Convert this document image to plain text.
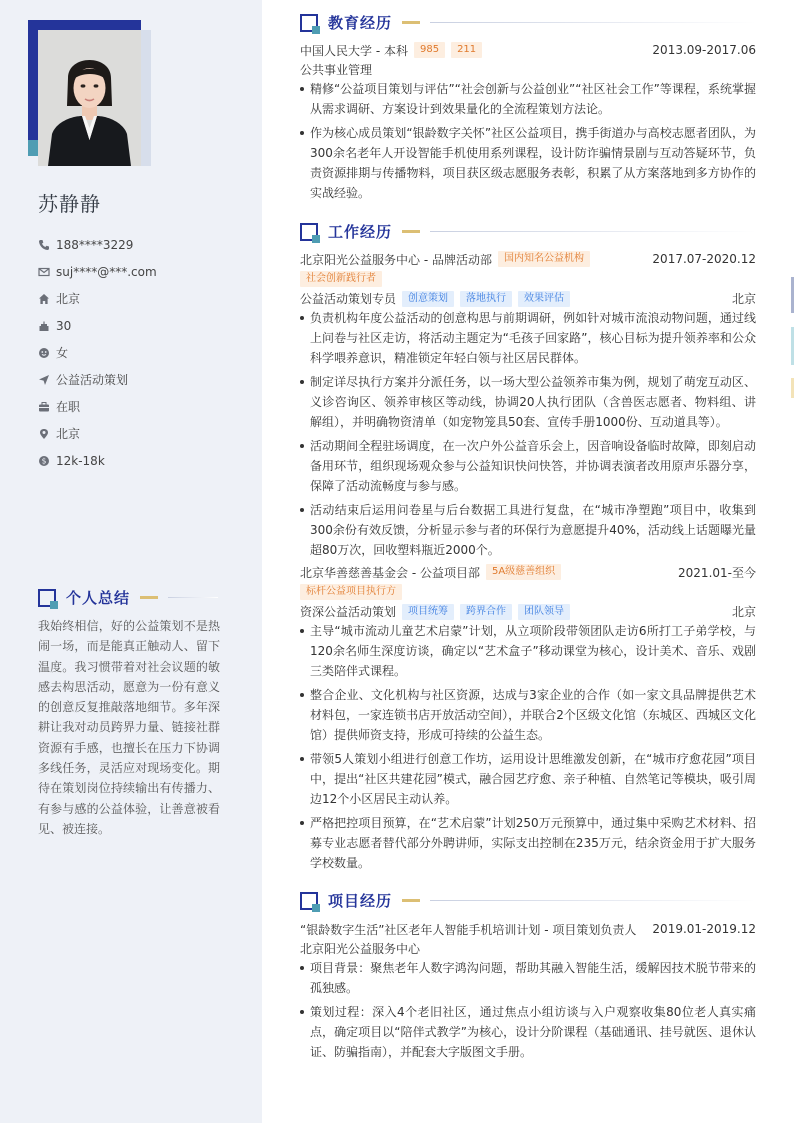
苏静静
188****3229
suj****@***.com
北京
30
女
公益活动策划
在职
北京
$ 12k-18k
个人总结
我始终相信，好的公益策划不是热闹一场，而是能真正触动人、留下温度。我习惯带着对社会议题的敏感去构思活动，愿意为一份有意义的创意反复推敲落地细节。多年深耕让我对动员跨界力量、链接社群资源有手感，也擅长在压力下协调多线任务，灵活应对现场变化。期待在策划岗位持续输出有传播力、有参与感的公益体验，让善意被看见、被连接。
教育经历
中国人民大学 - 本科	985	211	2013.09-2017.06
公共事业管理
精修“公益项目策划与评估”“社会创新与公益创业”“社区社会工作”等课程，系统掌握从需求调研、方案设计到效果量化的全流程策划方法论。
作为核心成员策划“银龄数字关怀”社区公益项目，携手街道办与高校志愿者团队，为300余名老年人开设智能手机使用系列课程，设计防诈骗情景剧与互动答疑环节，负责资源排期与传播物料，项目获区级志愿服务表彰，积累了从方案落地到多方协作的实战经验。
工作经历
北京阳光公益服务中心 - 品牌活动部	国内知名公益机构	2017.07-2020.12
社会创新践行者
公益活动策划专员	创意策划	落地执行	效果评估	北京
负责机构年度公益活动的创意构思与前期调研，例如针对城市流浪动物问题，通过线上问卷与社区走访，将活动主题定为“毛孩子回家路”，核心目标为提升领养率和公众科学喂养意识，精准锁定年轻白领与社区居民群体。
制定详尽执行方案并分派任务，以一场大型公益领养市集为例，规划了萌宠互动区、义诊咨询区、领养审核区等动线，协调20人执行团队（含兽医志愿者、物料组、讲解组），并明确物资清单（如宠物笼具50套、宣传手册1000份、互动道具等）。
活动期间全程驻场调度，在一次户外公益音乐会上，因音响设备临时故障，即刻启动备用环节，组织现场观众参与公益知识快问快答，并协调表演者改用原声乐器分享，保障了活动流畅度与参与感。
活动结束后运用问卷星与后台数据工具进行复盘，在“城市净塑跑”项目中，收集到300余份有效反馈，分析显示参与者的环保行为意愿提升40%，活动线上话题曝光量超80万次，回收塑料瓶近2000个。
北京华善慈善基金会 - 公益项目部	5A级慈善组织	2021.01-至今
标杆公益项目执行方
资深公益活动策划	项目统筹	跨界合作	团队领导	北京
主导“城市流动儿童艺术启蒙”计划，从立项阶段带领团队走访6所打工子弟学校，与120余名师生深度访谈，确定以“艺术盒子”移动课堂为核心，设计美术、音乐、戏剧三类陪伴式课程。
整合企业、文化机构与社区资源，达成与3家企业的合作（如一家文具品牌提供艺术材料包，一家连锁书店开放活动空间），并联合2个区级文化馆（东城区、西城区文化馆）提供师资支持，形成可持续的公益生态。
带领5人策划小组进行创意工作坊，运用设计思维激发创新，在“城市疗愈花园”项目中，提出“社区共建花园”模式，融合园艺疗愈、亲子种植、自然笔记等模块，吸引周边12个小区居民主动认养。
严格把控项目预算，在“艺术启蒙”计划250万元预算中，通过集中采购艺术材料、招募专业志愿者替代部分外聘讲师，实际支出控制在235万元，结余资金用于扩大服务学校数量。
项目经历
“银龄数字生活”社区老年人智能手机培训计划 - 项目策划负责人 2019.01-2019.12
北京阳光公益服务中心
项目背景：聚焦老年人数字鸿沟问题，帮助其融入智能生活，缓解因技术脱节带来的孤独感。
策划过程：深入4个老旧社区，通过焦点小组访谈与入户观察收集80位老人真实痛点，确定项目以“陪伴式教学”为核心，设计分阶课程（基础通讯、挂号就医、退休认证、防骗指南），并配套大字版图文手册。
